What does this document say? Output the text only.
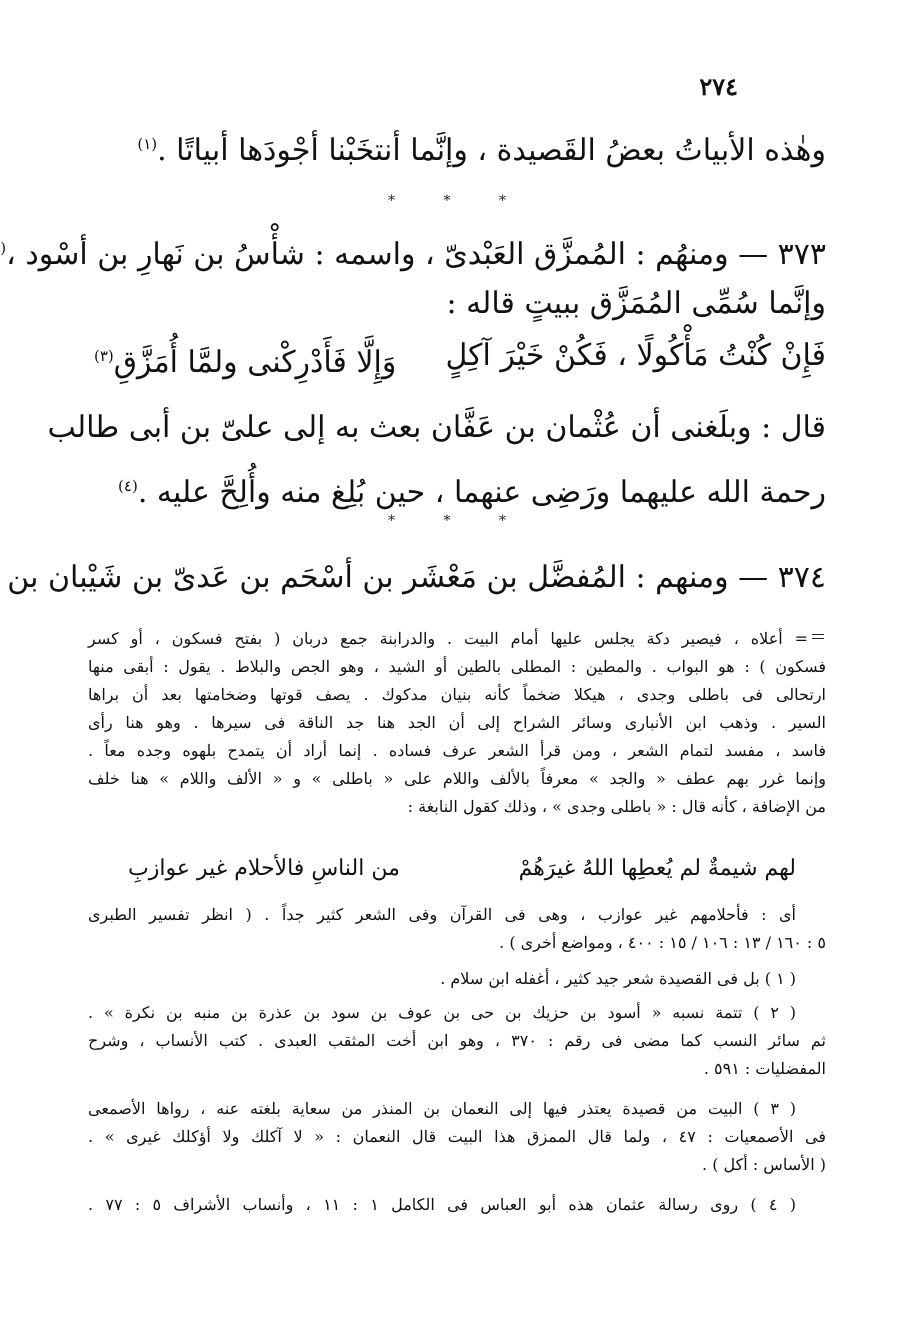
٢٧٤
وهٰذه الأبياتُ بعضُ القَصيدة ، وإنَّما أنتخَبْنا أجْودَها أبياتًا .$^{(١)}$
* * *
٣٧٣ — ومنهُم : المُمزَّق العَبْدىّ ، واسمه : شأْسُ بن نَهارِ بن أسْود ،(
وإنَّما سُمِّى المُمَزَّق ببيتٍ قاله :
فَإِنْ كُنْتُ مَأْكُولًا ، فَكُنْ خَيْرَ آكِلٍ
وَإِلَّا فَأَدْرِكْنى ولمَّا أُمَزَّقِ$^{(٣)}$
قال : وبلَغنى أن عُثْمان بن عَفَّان بعث به إلى علىّ بن أبى طالب
رحمة الله عليهما ورَضِى عنهما ، حين بُلِغ منه وأُلِحَّ عليه .$^{(٤)}$
* * *
٣٧٤ — ومنهم : المُفضَّل بن مَعْشَر بن أسْحَم بن عَدىّ بن شَيْبان بن
= أعلاه ، فيصير دكة يجلس عليها أمام البيت . والدرابنة جمع دربان ( بفتح فسكون ، أو كسر
فسكون ) : هو البواب . والمطين : المطلى بالطين أو الشيد ، وهو الجص والبلاط . يقول : أبقى منها
ارتحالى فى باطلى وجدى ، هيكلا ضخماً كأنه بنيان مدكوك . يصف قوتها وضخامتها بعد أن براها
السير . وذهب ابن الأنبارى وسائر الشراح إلى أن الجد هنا جد الناقة فى سيرها . وهو هنا رأى
فاسد ، مفسد لتمام الشعر ، ومن قرأ الشعر عرف فساده . إنما أراد أن يتمدح بلهوه وجده معاً .
وإنما غرر بهم عطف « والجد » معرفاً بالألف واللام على « باطلى » و « الألف واللام » هنا خلف
من الإضافة ، كأنه قال : « باطلى وجدى » ، وذلك كقول النابغة :
لهم شيمةٌ لم يُعطِها اللهُ غيرَهُمْ
من الناسِ فالأحلام غير عوازبِ
أى : فأحلامهم غير عوازب ، وهى فى القرآن وفى الشعر كثير جداً . ( انظر تفسير الطبرى
٥ : ١٦٠ / ١٣ : ١٠٦ / ١٥ : ٤٠٠ ، ومواضع أخرى ) .
( ١ ) بل فى القصيدة شعر جيد كثير ، أغفله ابن سلام .
( ٢ ) تتمة نسبه « أسود بن حزيك بن حى بن عوف بن سود بن عذرة بن منبه بن نكرة » .
ثم سائر النسب كما مضى فى رقم : ٣٧٠ ، وهو ابن أخت المثقب العبدى . كتب الأنساب ، وشرح
المفضليات : ٥٩١ .
( ٣ ) البيت من قصيدة يعتذر فيها إلى النعمان بن المنذر من سعاية بلغته عنه ، رواها الأصمعى
فى الأصمعيات : ٤٧ ، ولما قال الممزق هذا البيت قال النعمان : « لا آكلك ولا أؤكلك غيرى » .
( الأساس : أكل ) .
( ٤ ) روى رسالة عثمان هذه أبو العباس فى الكامل ١ : ١١ ، وأنساب الأشراف ٥ : ٧٧ .
